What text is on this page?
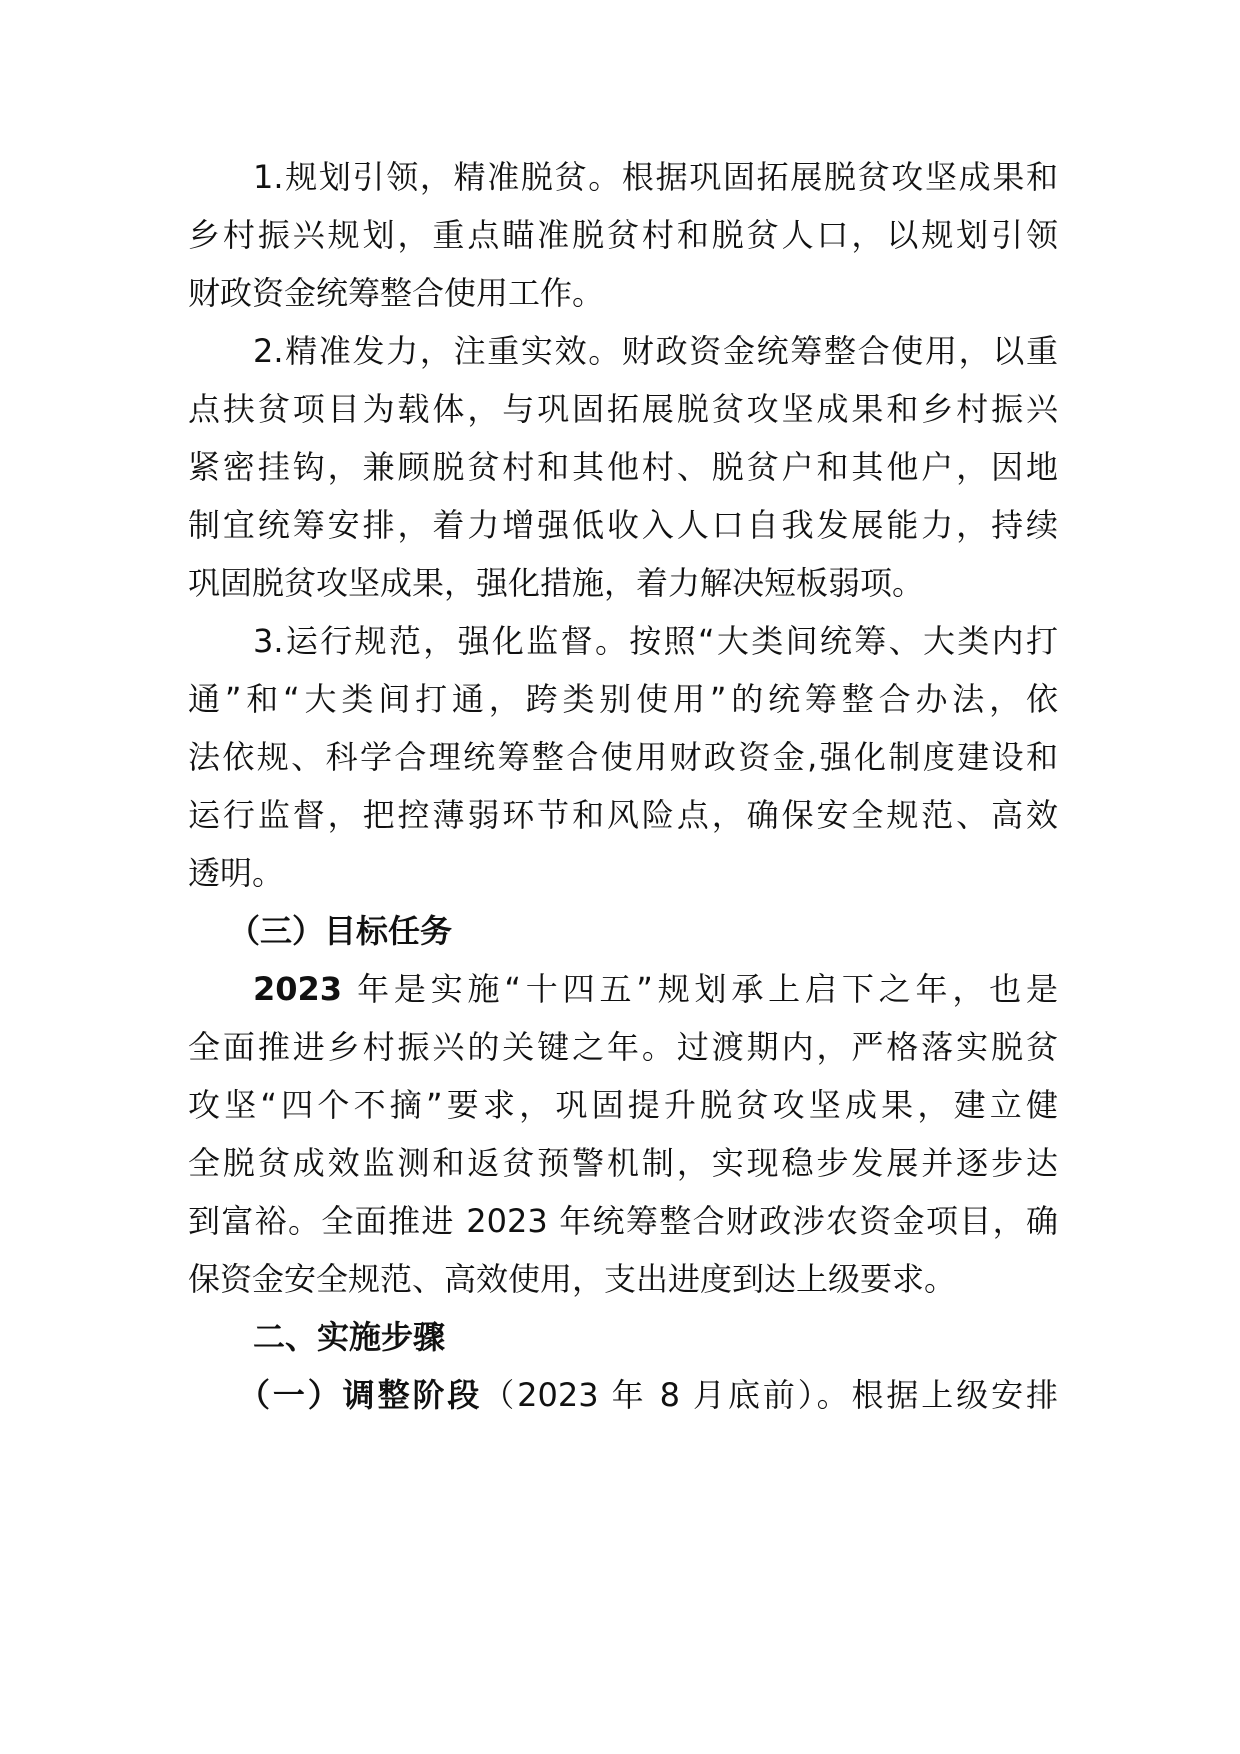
1.规划引领，精准脱贫。根据巩固拓展脱贫攻坚成果和
乡村振兴规划，重点瞄准脱贫村和脱贫人口，以规划引领
财政资金统筹整合使用工作。
2.精准发力，注重实效。财政资金统筹整合使用，以重
点扶贫项目为载体，与巩固拓展脱贫攻坚成果和乡村振兴
紧密挂钩，兼顾脱贫村和其他村、脱贫户和其他户，因地
制宜统筹安排，着力增强低收入人口自我发展能力，持续
巩固脱贫攻坚成果，强化措施，着力解决短板弱项。
3.运行规范，强化监督。按照“大类间统筹、大类内打
通”和“大类间打通，跨类别使用”的统筹整合办法，依
法依规、科学合理统筹整合使用财政资金,强化制度建设和
运行监督，把控薄弱环节和风险点，确保安全规范、高效
透明。
（三）目标任务
2023 年是实施“十四五”规划承上启下之年，也是
全面推进乡村振兴的关键之年。过渡期内，严格落实脱贫
攻坚“四个不摘”要求，巩固提升脱贫攻坚成果，建立健
全脱贫成效监测和返贫预警机制，实现稳步发展并逐步达
到富裕。全面推进 2023 年统筹整合财政涉农资金项目，确
保资金安全规范、高效使用，支出进度到达上级要求。
二、实施步骤
（一）调整阶段（2023 年 8 月底前）。根据上级安排
